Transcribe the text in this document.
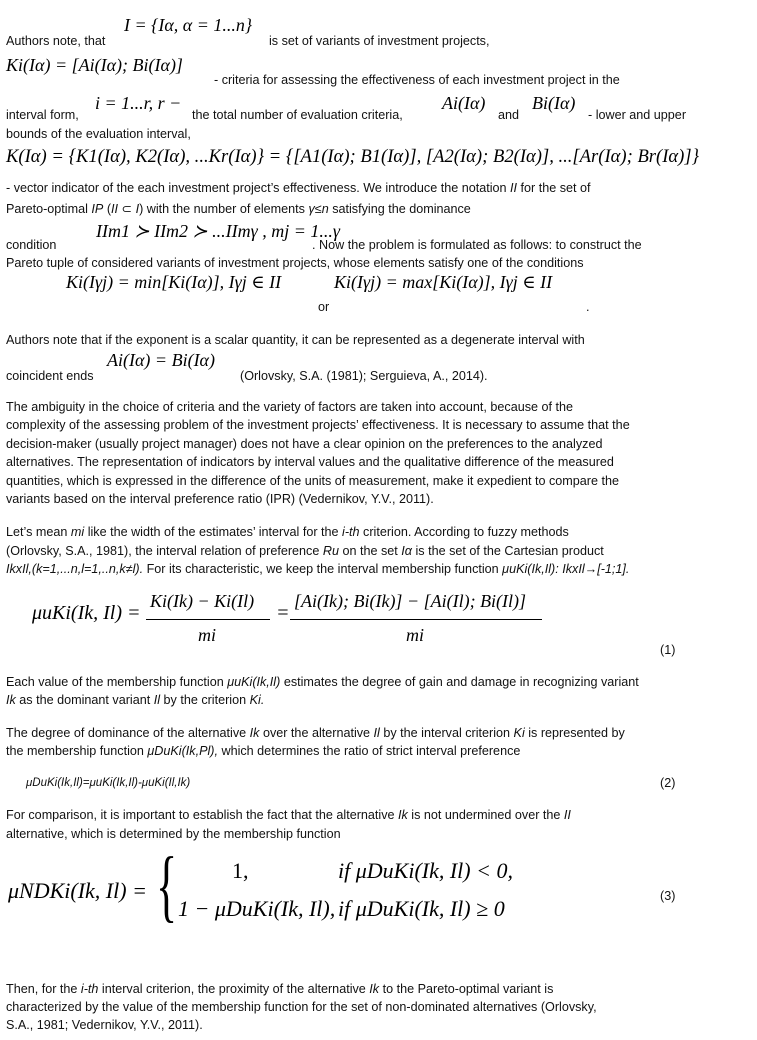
Authors note, that
I = {Iα, α = 1...n}
is set of variants of investment projects,
Ki(Iα) = [Ai(Iα); Bi(Iα)]
- criteria for assessing the effectiveness of each investment project in the
interval form,
i = 1...r, r −
the total number of evaluation criteria,
Ai(Iα)
and
Bi(Iα)
- lower and upper
bounds of the evaluation interval,
K(Iα) = {K1(Iα), K2(Iα), ...Kr(Iα)} = {[A1(Iα); B1(Iα)], [A2(Iα); B2(Iα)], ...[Ar(Iα); Br(Iα)]}
- vector indicator of the each investment project’s effectiveness. We introduce the notation II for the set of
Pareto-optimal IP (II ⊂ I) with the number of elements γ≤n satisfying the dominance
condition
IIm1 ≻ IIm2 ≻ ...IImγ , mj = 1...γ
. Now the problem is formulated as follows: to construct the
Pareto tuple of considered variants of investment projects, whose elements satisfy one of the conditions
Ki(Iγj) = min[Ki(Iα)], Iγj ∈ II
or
Ki(Iγj) = max[Ki(Iα)], Iγj ∈ II
.
Authors note that if the exponent is a scalar quantity, it can be represented as a degenerate interval with
coincident ends
Ai(Iα) = Bi(Iα)
(Orlovsky, S.A. (1981); Serguieva, A., 2014).
The ambiguity in the choice of criteria and the variety of factors are taken into account, because of the
complexity of the assessing problem of the investment projects’ effectiveness. It is necessary to assume that the
decision-maker (usually project manager) does not have a clear opinion on the preferences to the analyzed
alternatives. The representation of indicators by interval values and the qualitative difference of the measured
quantities, which is expressed in the difference of the units of measurement, make it expedient to compare the
variants based on the interval preference ratio (IPR) (Vedernikov, Y.V., 2011).
Let’s mean mi like the width of the estimates’ interval for the i-th criterion. According to fuzzy methods
(Orlovsky, S.A., 1981), the interval relation of preference Ru on the set Iα is the set of the Cartesian product
IkxIl,(k=1,...n,l=1,..n,k≠l). For its characteristic, we keep the interval membership function μuKi(Ik,Il): IkxIl→[-1;1].
μuKi(Ik, Il) =
Ki(Ik) − Ki(Il)
mi
=
[Ai(Ik); Bi(Ik)] − [Ai(Il); Bi(Il)]
mi
(1)
Each value of the membership function μuKi(Ik,Il) estimates the degree of gain and damage in recognizing variant
Ik as the dominant variant Il by the criterion Ki.
The degree of dominance of the alternative Ik over the alternative Il by the interval criterion Ki is represented by
the membership function μDuKi(Ik,Pl), which determines the ratio of strict interval preference
μDuKi(Ik,Il)=μuKi(Ik,Il)-μuKi(Il,Ik)	(2)
For comparison, it is important to establish the fact that the alternative Ik is not undermined over the II
alternative, which is determined by the membership function
μNDKi(Ik, Il) = { 1,	if μDuKi(Ik, Il) < 0,
1 − μDuKi(Ik, Il), if μDuKi(Ik, Il) ≥ 0	(3)
Then, for the i-th interval criterion, the proximity of the alternative Ik to the Pareto-optimal variant is
characterized by the value of the membership function for the set of non-dominated alternatives (Orlovsky,
S.A., 1981; Vedernikov, Y.V., 2011).
